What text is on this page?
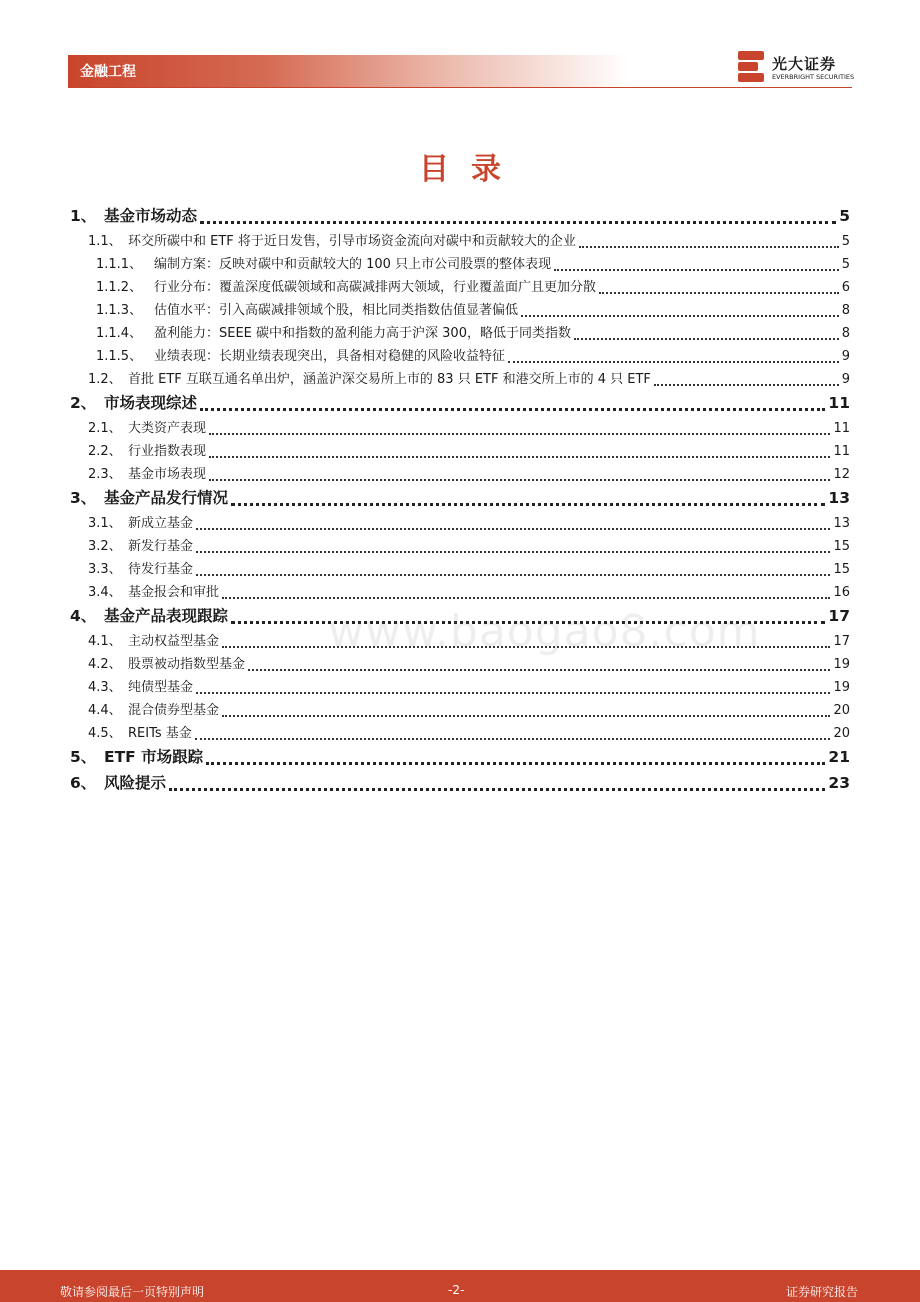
金融工程	光大证券
EVERBRIGHT SECURITIES
目录
1、 基金市场动态	5
1.1、 环交所碳中和 ETF 将于近日发售，引导市场资金流向对碳中和贡献较大的企业	5
1.1.1、 编制方案：反映对碳中和贡献较大的 100 只上市公司股票的整体表现	5
1.1.2、 行业分布：覆盖深度低碳领域和高碳减排两大领域，行业覆盖面广且更加分散	6
1.1.3、 估值水平：引入高碳减排领域个股，相比同类指数估值显著偏低	8
1.1.4、 盈利能力：SEEE 碳中和指数的盈利能力高于沪深 300，略低于同类指数	8
1.1.5、 业绩表现：长期业绩表现突出，具备相对稳健的风险收益特征	9
1.2、 首批 ETF 互联互通名单出炉，涵盖沪深交易所上市的 83 只 ETF 和港交所上市的 4 只 ETF	9
2、 市场表现综述	11
2.1、 大类资产表现	11
2.2、 行业指数表现	11
2.3、 基金市场表现	12
3、 基金产品发行情况	13
3.1、 新成立基金	13
3.2、 新发行基金	15
3.3、 待发行基金	15
3.4、 基金报会和审批	16
4、 基金产品表现跟踪	17
4.1、 主动权益型基金	17
4.2、 股票被动指数型基金	19
4.3、 纯债型基金	19
4.4、 混合债券型基金	20
4.5、 REITs 基金	20
5、 ETF 市场跟踪	21
6、 风险提示	23
www.baogao8.com
敬请参阅最后一页特别声明	-2-	证券研究报告
